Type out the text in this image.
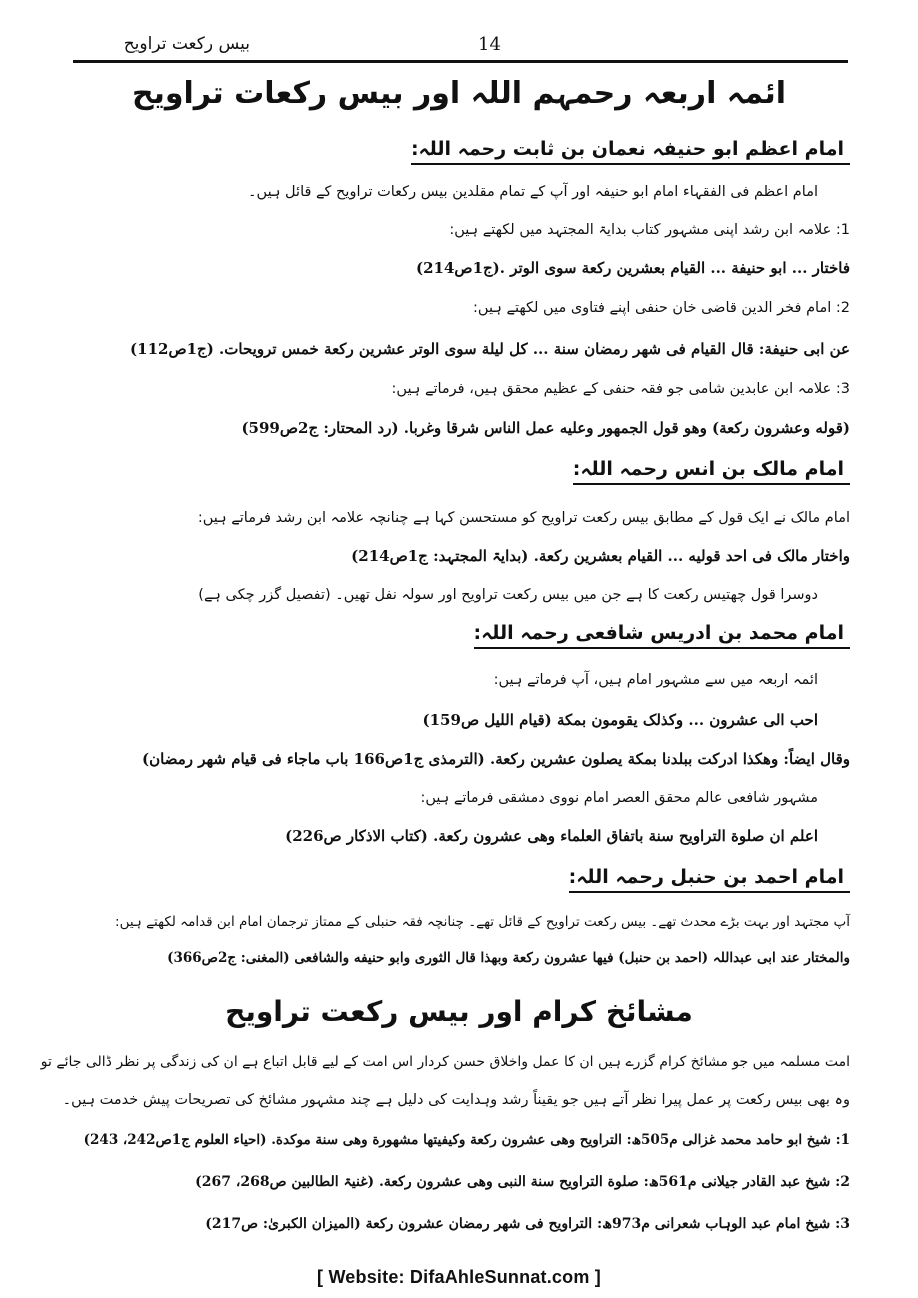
بیس رکعت تراویح	14
ائمہ اربعہ رحمہم اللہ اور بیس رکعات تراویح
امام اعظم ابو حنیفہ نعمان بن ثابت رحمہ اللہ:
امام اعظم فی الفقہاء امام ابو حنیفہ اور آپ کے تمام مقلدین بیس رکعات تراویح کے قائل ہیں۔
1: علامہ ابن رشد اپنی مشہور کتاب بدایۃ المجتہد میں لکھتے ہیں:
فاختار ... ابو حنیفة ... القیام بعشرین رکعة سوی الوتر .(ج1ص214)
2: امام فخر الدین قاضی خان حنفی اپنے فتاوی میں لکھتے ہیں:
عن ابی حنیفة: قال القیام فی شھر رمضان سنة ... کل لیلة سوی الوتر عشرین رکعة خمس ترویحات. (ج1ص112)
3: علامہ ابن عابدین شامی جو فقہ حنفی کے عظیم محقق ہیں، فرماتے ہیں:
(قوله وعشرون رکعة) وھو قول الجمھور وعلیه عمل الناس شرقا وغربا. (رد المحتار: ج2ص599)
امام مالک بن انس رحمہ اللہ:
امام مالک نے ایک قول کے مطابق بیس رکعت تراویح کو مستحسن کہا ہے چنانچہ علامہ ابن رشد فرماتے ہیں:
واختار مالک فی احد قولیه ... القیام بعشرین رکعة. (بدایۃ المجتہد: ج1ص214)
دوسرا قول چھتیس رکعت کا ہے جن میں بیس رکعت تراویح اور سولہ نفل تھیں۔ (تفصیل گزر چکی ہے)
امام محمد بن ادریس شافعی رحمہ اللہ:
ائمہ اربعہ میں سے مشہور امام ہیں، آپ فرماتے ہیں:
احب الی عشرون ... وکذلک یقومون بمکة (قیام اللیل ص159)
وقال ایضاً: وھکذا ادرکت ببلدنا بمکة یصلون عشرین رکعة. (الترمذی ج1ص166 باب ماجاء فی قیام شھر رمضان)
مشہور شافعی عالم محقق العصر امام نووی دمشقی فرماتے ہیں:
اعلم ان صلوة التراویح سنة باتفاق العلماء وھی عشرون رکعة. (کتاب الاذکار ص226)
امام احمد بن حنبل رحمہ اللہ:
آپ مجتہد اور بہت بڑے محدث تھے۔ بیس رکعت تراویح کے قائل تھے۔ چنانچہ فقہ حنبلی کے ممتاز ترجمان امام ابن قدامہ لکھتے ہیں:
والمختار عند ابی عبداللہ (احمد بن حنبل) فیھا عشرون رکعة وبھذا قال الثوری وابو حنیفه والشافعی (المغنی: ج2ص366)
مشائخ کرام اور بیس رکعت تراویح
امت مسلمہ میں جو مشائخ کرام گزرے ہیں ان کا عمل واخلاق حسن کردار اس امت کے لیے قابل اتباع ہے ان کی زندگی پر نظر ڈالی جائے تو
وہ بھی بیس رکعت پر عمل پیرا نظر آتے ہیں جو یقیناً رشد وہدایت کی دلیل ہے چند مشہور مشائخ کی تصریحات پیش خدمت ہیں۔
1: شیخ ابو حامد محمد غزالی م505ھ: التراویح وھی عشرون رکعة وکیفیتھا مشھورة وھی سنة موکدة. (احیاء العلوم ج1ص242، 243)
2: شیخ عبد القادر جیلانی م561ھ: صلوة التراویح سنة النبی وھی عشرون رکعة. (غنیۃ الطالبین ص268، 267)
3: شیخ امام عبد الوہاب شعرانی م973ھ: التراویح فی شھر رمضان عشرون رکعة (المیزان الکبریٰ: ص217)
[ Website: DifaAhleSunnat.com ]
